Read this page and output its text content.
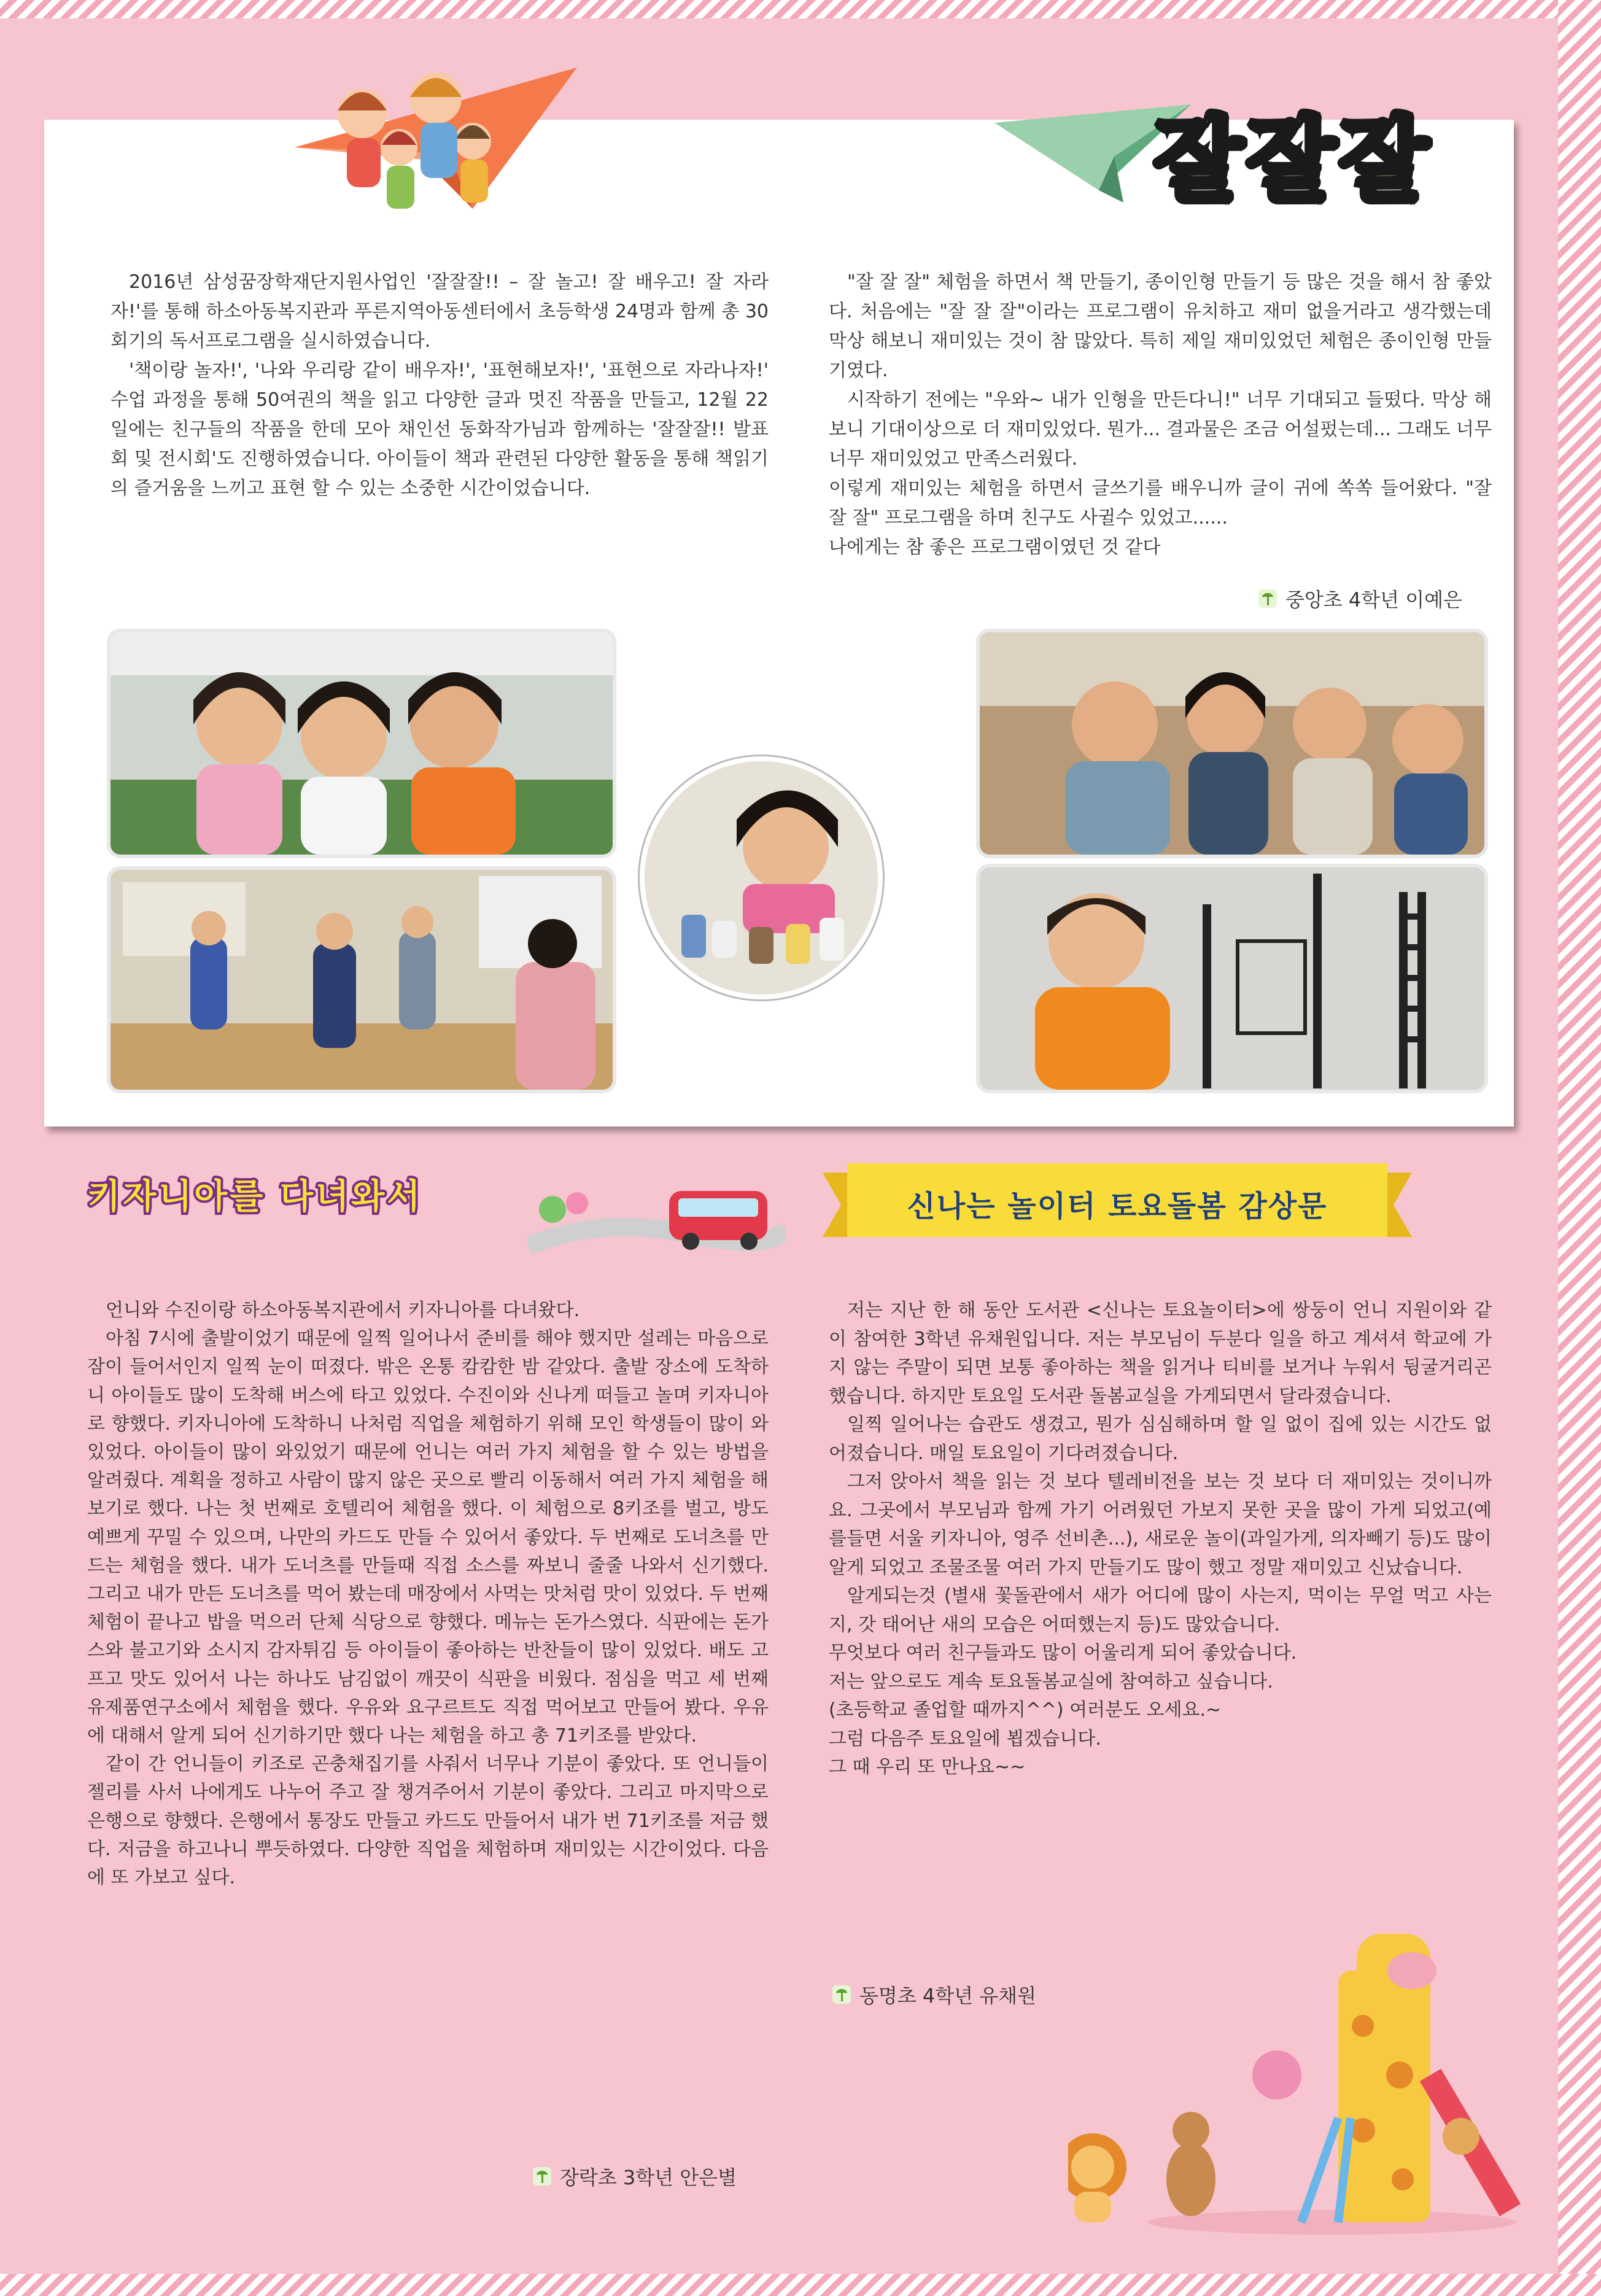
잘잘잘

2016년 삼성꿈장학재단지원사업인 '잘잘잘!! – 잘 놀고! 잘 배우고! 잘 자라자!'를 통해 하소아동복지관과 푸른지역아동센터에서 초등학생 24명과 함께 총 30회기의 독서프로그램을 실시하였습니다.

'책이랑 놀자!', '나와 우리랑 같이 배우자!', '표현해보자!', '표현으로 자라나자!' 수업 과정을 통해 50여권의 책을 읽고 다양한 글과 멋진 작품을 만들고, 12월 22일에는 친구들의 작품을 한데 모아 채인선 동화작가님과 함께하는 '잘잘잘!! 발표회 및 전시회'도 진행하였습니다. 아이들이 책과 관련된 다양한 활동을 통해 책읽기의 즐거움을 느끼고 표현 할 수 있는 소중한 시간이었습니다.

"잘 잘 잘" 체험을 하면서 책 만들기, 종이인형 만들기 등 많은 것을 해서 참 좋았다. 처음에는 "잘 잘 잘"이라는 프로그램이 유치하고 재미 없을거라고 생각했는데 막상 해보니 재미있는 것이 참 많았다. 특히 제일 재미있었던 체험은 종이인형 만들기였다.

시작하기 전에는 "우와~ 내가 인형을 만든다니!" 너무 기대되고 들떴다. 막상 해보니 기대이상으로 더 재미있었다. 뭔가... 결과물은 조금 어설펐는데... 그래도 너무너무 재미있었고 만족스러웠다.

이렇게 재미있는 체험을 하면서 글쓰기를 배우니까 글이 귀에 쏙쏙 들어왔다. "잘 잘 잘" 프로그램을 하며 친구도 사귈수 있었고......

나에게는 참 좋은 프로그램이였던 것 같다

중앙초 4학년 이예은
키자니아를 다녀와서	신나는 놀이터 토요돌봄 감상문

언니와 수진이랑 하소아동복지관에서 키자니아를 다녀왔다.

아침 7시에 출발이었기 때문에 일찍 일어나서 준비를 해야 했지만 설레는 마음으로 잠이 들어서인지 일찍 눈이 떠졌다. 밖은 온통 캄캄한 밤 같았다. 출발 장소에 도착하니 아이들도 많이 도착해 버스에 타고 있었다. 수진이와 신나게 떠들고 놀며 키자니아로 향했다. 키자니아에 도착하니 나처럼 직업을 체험하기 위해 모인 학생들이 많이 와있었다. 아이들이 많이 와있었기 때문에 언니는 여러 가지 체험을 할 수 있는 방법을 알려줬다. 계획을 정하고 사람이 많지 않은 곳으로 빨리 이동해서 여러 가지 체험을 해보기로 했다. 나는 첫 번째로 호텔리어 체험을 했다. 이 체험으로 8키조를 벌고, 방도 예쁘게 꾸밀 수 있으며, 나만의 카드도 만들 수 있어서 좋았다. 두 번째로 도너츠를 만드는 체험을 했다. 내가 도너츠를 만들때 직접 소스를 짜보니 줄줄 나와서 신기했다. 그리고 내가 만든 도너츠를 먹어 봤는데 매장에서 사먹는 맛처럼 맛이 있었다. 두 번째 체험이 끝나고 밥을 먹으러 단체 식당으로 향했다. 메뉴는 돈가스였다. 식판에는 돈가스와 불고기와 소시지 감자튀김 등 아이들이 좋아하는 반찬들이 많이 있었다. 배도 고프고 맛도 있어서 나는 하나도 남김없이 깨끗이 식판을 비웠다. 점심을 먹고 세 번째 유제품연구소에서 체험을 했다. 우유와 요구르트도 직접 먹어보고 만들어 봤다. 우유에 대해서 알게 되어 신기하기만 했다 나는 체험을 하고 총 71키조를 받았다.

같이 간 언니들이 키조로 곤충채집기를 사줘서 너무나 기분이 좋았다. 또 언니들이 젤리를 사서 나에게도 나누어 주고 잘 챙겨주어서 기분이 좋았다. 그리고 마지막으로 은행으로 향했다. 은행에서 통장도 만들고 카드도 만들어서 내가 번 71키조를 저금 했다. 저금을 하고나니 뿌듯하였다. 다양한 직업을 체험하며 재미있는 시간이었다. 다음에 또 가보고 싶다.

장락초 3학년 안은별

저는 지난 한 해 동안 도서관 <신나는 토요놀이터>에 쌍둥이 언니 지원이와 같이 참여한 3학년 유채원입니다. 저는 부모님이 두분다 일을 하고 계셔셔 학교에 가지 않는 주말이 되면 보통 좋아하는 책을 읽거나 티비를 보거나 누워서 뒹굴거리곤 했습니다. 하지만 토요일 도서관 돌봄교실을 가게되면서 달라졌습니다.

일찍 일어나는 습관도 생겼고, 뭔가 심심해하며 할 일 없이 집에 있는 시간도 없어졌습니다. 매일 토요일이 기다려졌습니다.

그저 앉아서 책을 읽는 것 보다 텔레비전을 보는 것 보다 더 재미있는 것이니까요. 그곳에서 부모님과 함께 가기 어려웠던 가보지 못한 곳을 많이 가게 되었고(예를들면 서울 키자니아, 영주 선비촌...), 새로운 놀이(과일가게, 의자빼기 등)도 많이 알게 되었고 조물조물 여러 가지 만들기도 많이 했고 정말 재미있고 신났습니다.

알게되는것 (별새 꽃돌관에서 새가 어디에 많이 사는지, 먹이는 무얼 먹고 사는지, 갓 태어난 새의 모습은 어떠했는지 등)도 많았습니다.

무엇보다 여러 친구들과도 많이 어울리게 되어 좋았습니다.

저는 앞으로도 계속 토요돌봄교실에 참여하고 싶습니다.

(초등학교 졸업할 때까지^^) 여러분도 오세요.~

그럼 다음주 토요일에 뵙겠습니다.

그 때 우리 또 만나요~~

동명초 4학년 유채원
